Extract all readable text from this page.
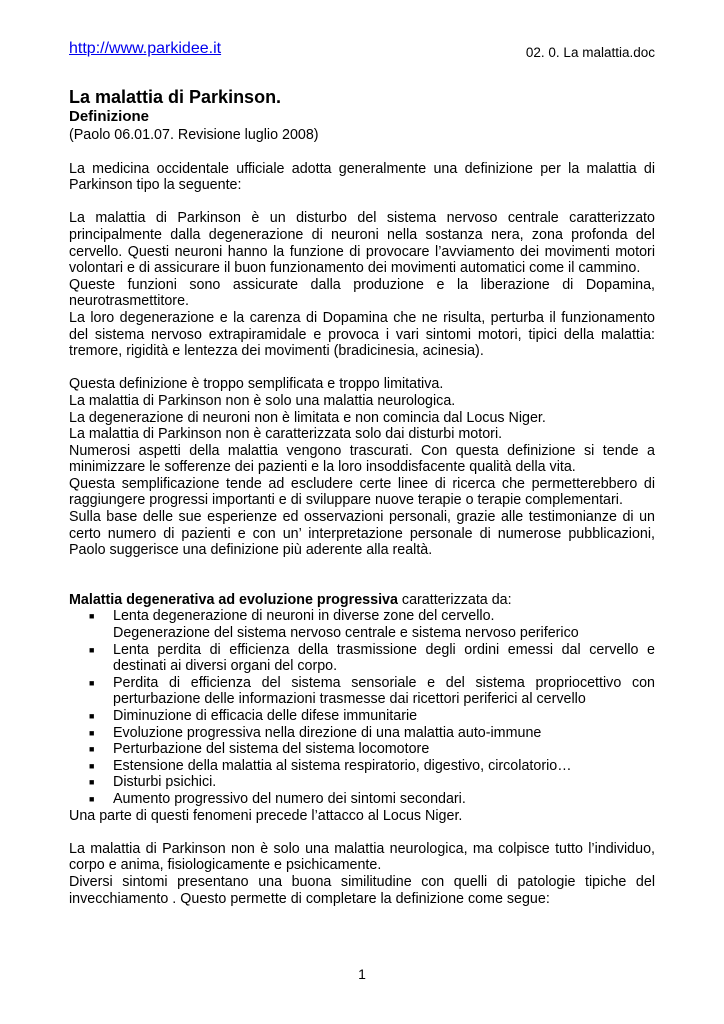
http://www.parkidee.it	02. 0. La malattia.doc
La malattia di Parkinson.
Definizione

(Paolo 06.01.07. Revisione luglio 2008)

La medicina occidentale ufficiale adotta generalmente una definizione per la malattia di Parkinson tipo la seguente:

La malattia di Parkinson è un disturbo del sistema nervoso centrale caratterizzato principalmente dalla degenerazione di neuroni nella sostanza nera, zona profonda del cervello. Questi neuroni hanno la funzione di provocare l’avviamento dei movimenti motori volontari e di assicurare il buon funzionamento dei movimenti automatici come il cammino.
Queste funzioni sono assicurate dalla produzione e la liberazione di Dopamina, neurotrasmettitore.
La loro degenerazione e la carenza di Dopamina che ne risulta, perturba il funzionamento del sistema nervoso extrapiramidale e provoca i vari sintomi motori, tipici della malattia: tremore, rigidità e lentezza dei movimenti (bradicinesia, acinesia).

Questa definizione è troppo semplificata e troppo limitativa.
La malattia di Parkinson non è solo una malattia neurologica.
La degenerazione di neuroni non è limitata e non comincia dal Locus Niger.
La malattia di Parkinson non è caratterizzata solo dai disturbi motori.
Numerosi aspetti della malattia vengono trascurati. Con questa definizione si tende a minimizzare le sofferenze dei pazienti e la loro insoddisfacente qualità della vita.
Questa semplificazione tende ad escludere certe linee di ricerca che permetterebbero di raggiungere progressi importanti e di sviluppare nuove terapie o terapie complementari.
Sulla base delle sue esperienze ed osservazioni personali, grazie alle testimonianze di un certo numero di pazienti e con un’ interpretazione personale di numerose pubblicazioni, Paolo suggerisce una definizione più aderente alla realtà.

Malattia degenerativa ad evoluzione progressiva caratterizzata da:

■ Lenta degenerazione di neuroni in diverse zone del cervello.
Degenerazione del sistema nervoso centrale e sistema nervoso periferico
■ Lenta perdita di efficienza della trasmissione degli ordini emessi dal cervello e destinati ai diversi organi del corpo.
■ Perdita di efficienza del sistema sensoriale e del sistema propriocettivo con perturbazione delle informazioni trasmesse dai ricettori periferici al cervello
■ Diminuzione di efficacia delle difese immunitarie
■ Evoluzione progressiva nella direzione di una malattia auto-immune
■ Perturbazione del sistema del sistema locomotore
■ Estensione della malattia al sistema respiratorio, digestivo, circolatorio…
■ Disturbi psichici.
■ Aumento progressivo del numero dei sintomi secondari.

Una parte di questi fenomeni precede l’attacco al Locus Niger.

La malattia di Parkinson non è solo una malattia neurologica, ma colpisce tutto l’individuo, corpo e anima, fisiologicamente e psichicamente.
Diversi sintomi presentano una buona similitudine con quelli di patologie tipiche del invecchiamento . Questo permette di completare la definizione come segue:

1
